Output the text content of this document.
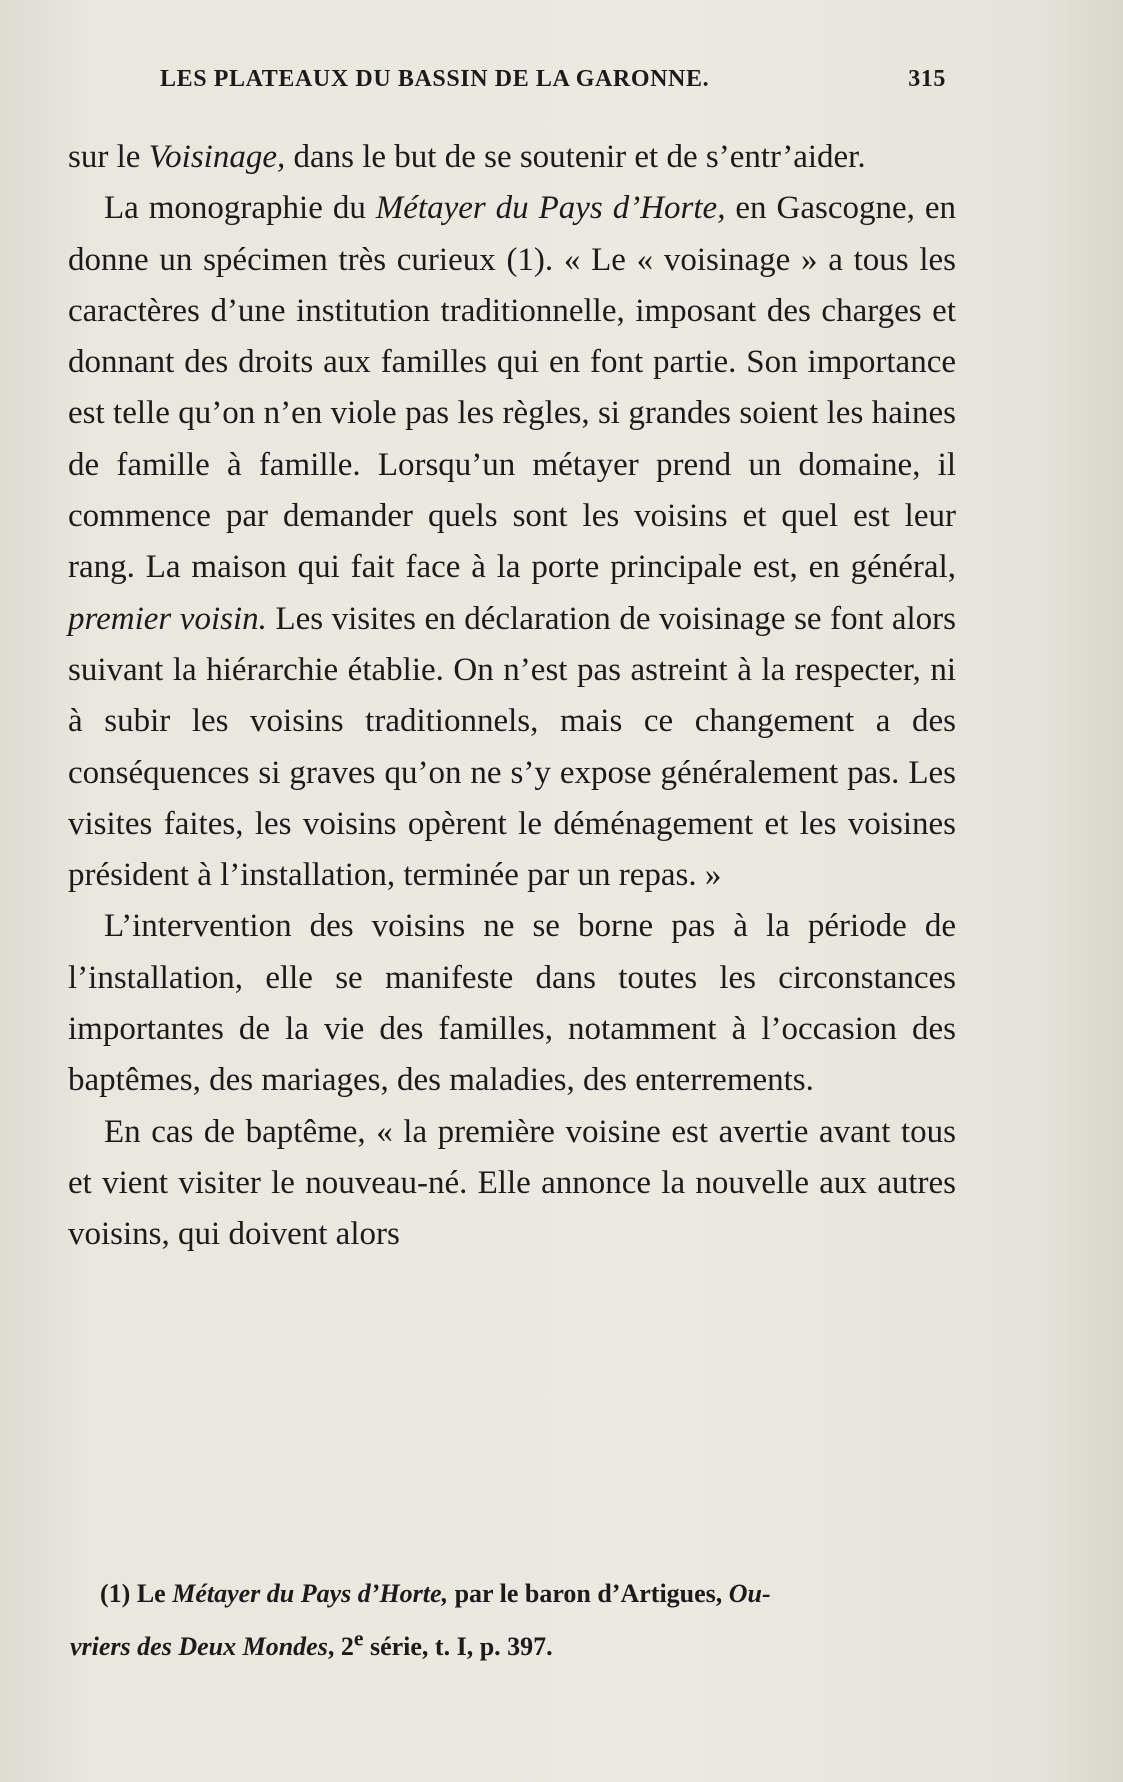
LES PLATEAUX DU BASSIN DE LA GARONNE.	315

sur le Voisinage, dans le but de se soutenir et de s’entr’aider.

La monographie du Métayer du Pays d’Horte, en Gascogne, en donne un spécimen très curieux (1). « Le « voisinage » a tous les caractères d’une institution traditionnelle, imposant des charges et donnant des droits aux familles qui en font partie. Son importance est telle qu’on n’en viole pas les règles, si grandes soient les haines de famille à famille. Lorsqu’un métayer prend un domaine, il commence par demander quels sont les voisins et quel est leur rang. La maison qui fait face à la porte principale est, en général, premier voisin. Les visites en déclaration de voisinage se font alors suivant la hiérarchie établie. On n’est pas astreint à la respecter, ni à subir les voisins traditionnels, mais ce changement a des conséquences si graves qu’on ne s’y expose généralement pas. Les visites faites, les voisins opèrent le déménagement et les voisines président à l’installation, terminée par un repas. »

L’intervention des voisins ne se borne pas à la période de l’installation, elle se manifeste dans toutes les circonstances importantes de la vie des familles, notamment à l’occasion des baptêmes, des mariages, des maladies, des enterrements.

En cas de baptême, « la première voisine est avertie avant tous et vient visiter le nouveau-né. Elle annonce la nouvelle aux autres voisins, qui doivent alors

(1) Le Métayer du Pays d’Horte, par le baron d’Artigues, Ou-
vriers des Deux Mondes, 2e série, t. I, p. 397.
